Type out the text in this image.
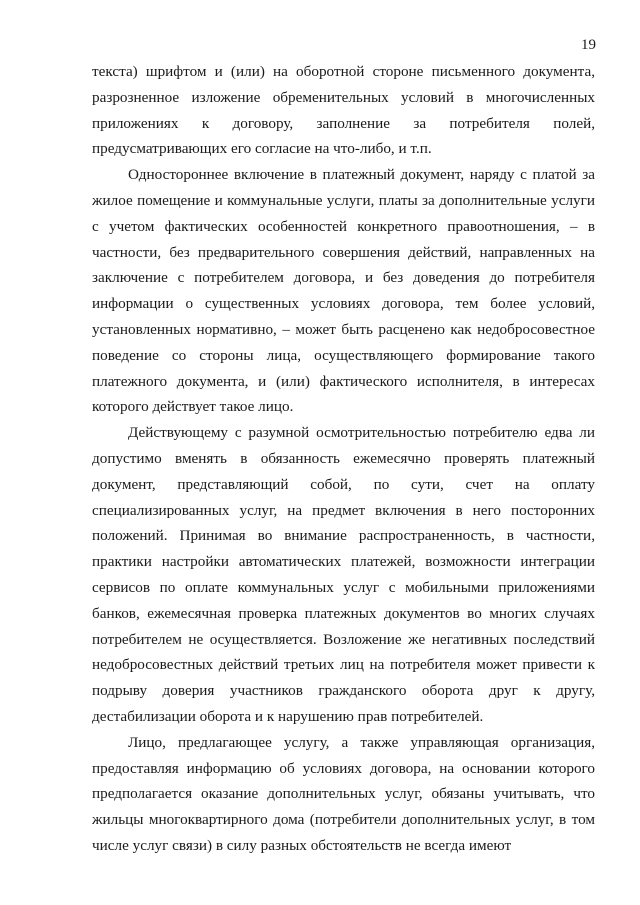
19

текста) шрифтом и (или) на оборотной стороне письменного документа, разрозненное изложение обременительных условий в многочисленных приложениях к договору, заполнение за потребителя полей, предусматривающих его согласие на что-либо, и т.п.

Одностороннее включение в платежный документ, наряду с платой за жилое помещение и коммунальные услуги, платы за дополнительные услуги с учетом фактических особенностей конкретного правоотношения, – в частности, без предварительного совершения действий, направленных на заключение с потребителем договора, и без доведения до потребителя информации о существенных условиях договора, тем более условий, установленных нормативно, – может быть расценено как недобросовестное поведение со стороны лица, осуществляющего формирование такого платежного документа, и (или) фактического исполнителя, в интересах которого действует такое лицо.

Действующему с разумной осмотрительностью потребителю едва ли допустимо вменять в обязанность ежемесячно проверять платежный документ, представляющий собой, по сути, счет на оплату специализированных услуг, на предмет включения в него посторонних положений. Принимая во внимание распространенность, в частности, практики настройки автоматических платежей, возможности интеграции сервисов по оплате коммунальных услуг с мобильными приложениями банков, ежемесячная проверка платежных документов во многих случаях потребителем не осуществляется. Возложение же негативных последствий недобросовестных действий третьих лиц на потребителя может привести к подрыву доверия участников гражданского оборота друг к другу, дестабилизации оборота и к нарушению прав потребителей.

Лицо, предлагающее услугу, а также управляющая организация, предоставляя информацию об условиях договора, на основании которого предполагается оказание дополнительных услуг, обязаны учитывать, что жильцы многоквартирного дома (потребители дополнительных услуг, в том числе услуг связи) в силу разных обстоятельств не всегда имеют
